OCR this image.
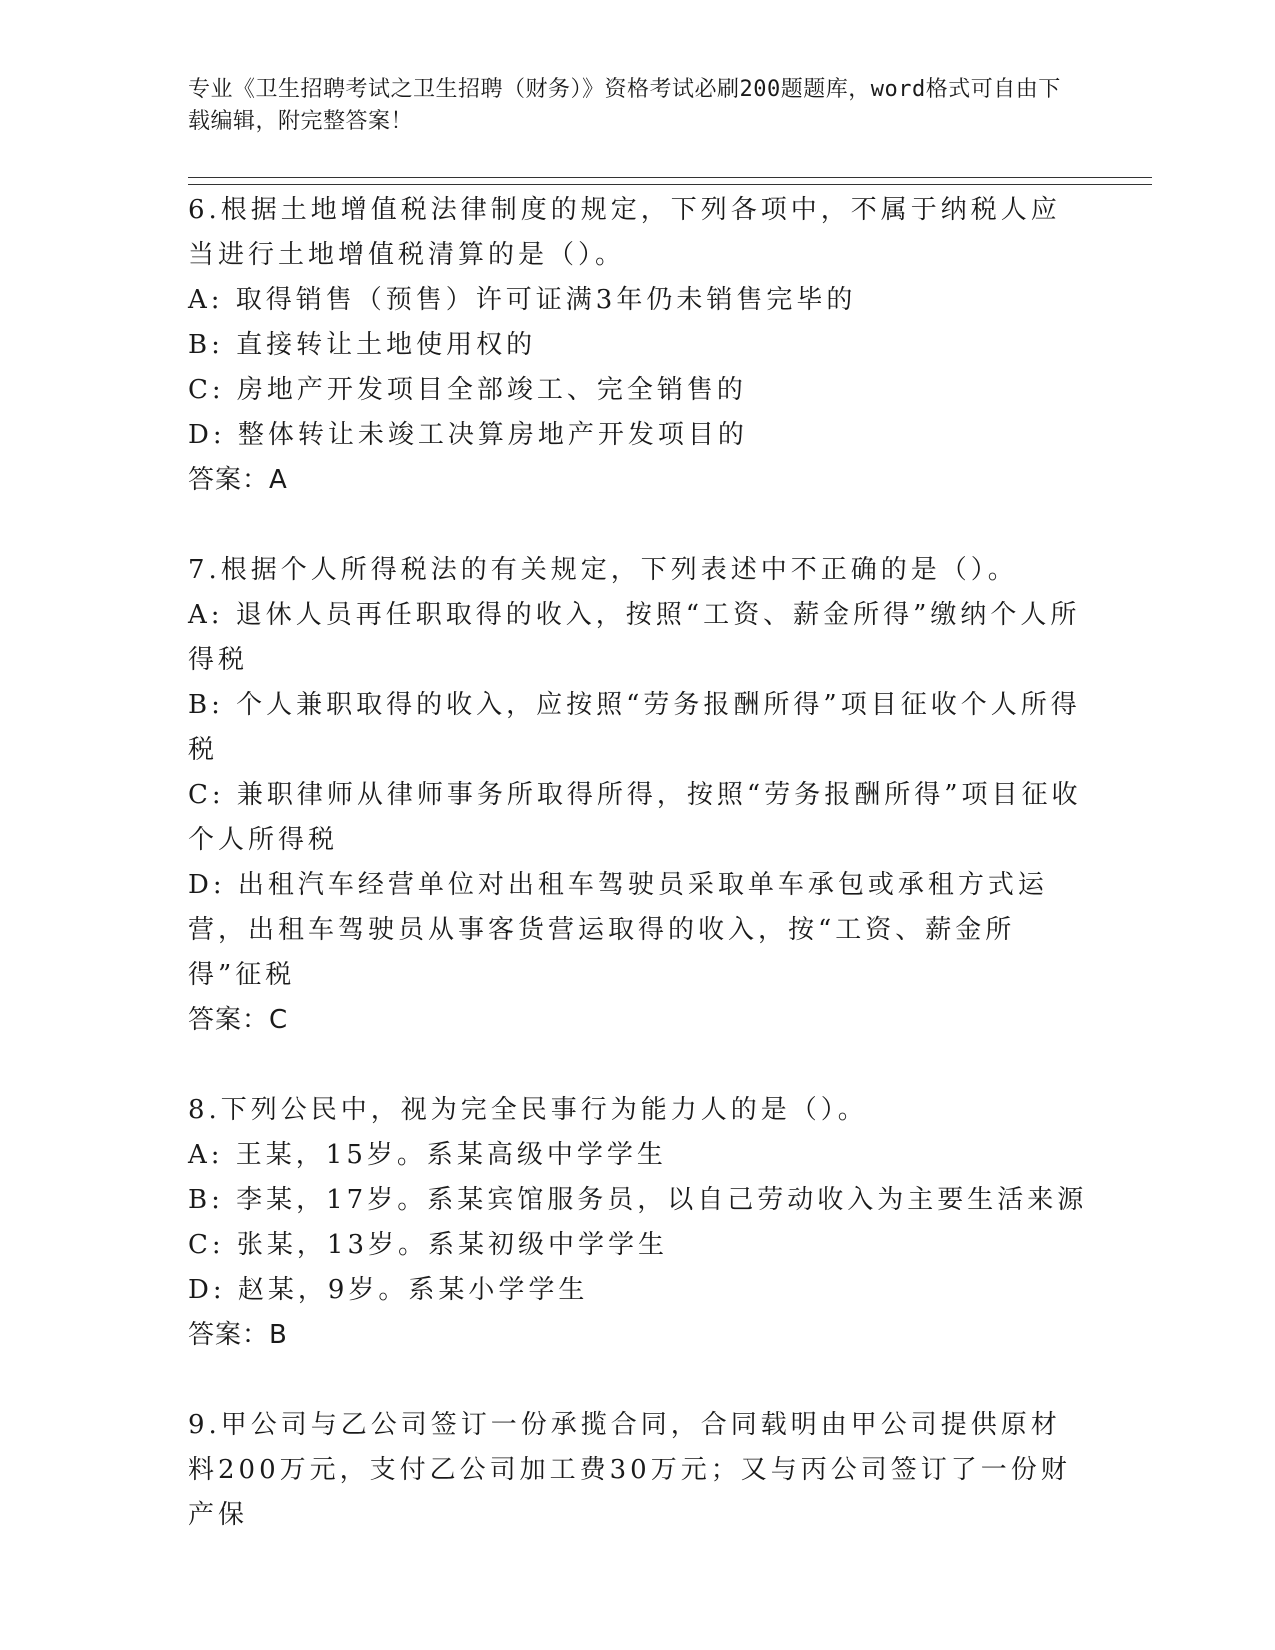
专业《卫生招聘考试之卫生招聘（财务）》资格考试必刷200题题库，word格式可自由下载编辑，附完整答案！

6.根据土地增值税法律制度的规定，下列各项中，不属于纳税人应当进行土地增值税清算的是（）。

A: 取得销售（预售）许可证满3年仍未销售完毕的

B: 直接转让土地使用权的

C: 房地产开发项目全部竣工、完全销售的

D: 整体转让未竣工决算房地产开发项目的

答案：A

7.根据个人所得税法的有关规定，下列表述中不正确的是（）。

A: 退休人员再任职取得的收入，按照“工资、薪金所得”缴纳个人所得税

B: 个人兼职取得的收入，应按照“劳务报酬所得”项目征收个人所得税

C: 兼职律师从律师事务所取得所得，按照“劳务报酬所得”项目征收个人所得税

D: 出租汽车经营单位对出租车驾驶员采取单车承包或承租方式运营，出租车驾驶员从事客货营运取得的收入，按“工资、薪金所得”征税

答案：C

8.下列公民中，视为完全民事行为能力人的是（）。

A: 王某，15岁。系某高级中学学生

B: 李某，17岁。系某宾馆服务员，以自己劳动收入为主要生活来源

C: 张某，13岁。系某初级中学学生

D: 赵某，9岁。系某小学学生

答案：B

9.甲公司与乙公司签订一份承揽合同，合同载明由甲公司提供原材料200万元，支付乙公司加工费30万元；又与丙公司签订了一份财产保
